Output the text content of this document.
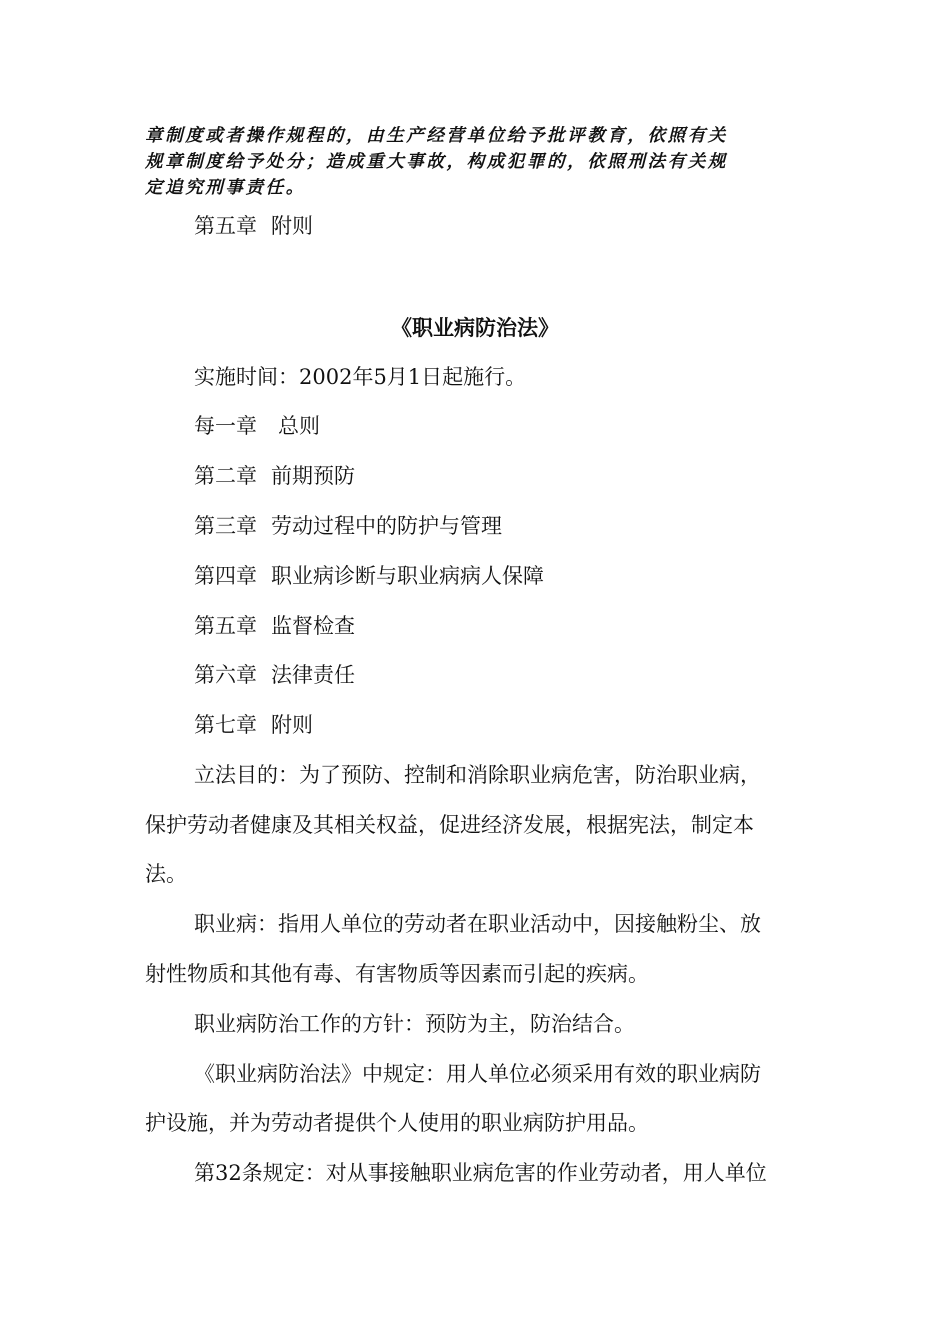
章制度或者操作规程的，由生产经营单位给予批评教育，依照有关
规章制度给予处分；造成重大事故，构成犯罪的，依照刑法有关规
定追究刑事责任。
第五章 附则
《职业病防治法》
实施时间：2002年5月1日起施行。
每一章 总则
第二章 前期预防
第三章 劳动过程中的防护与管理
第四章 职业病诊断与职业病病人保障
第五章 监督检查
第六章 法律责任
第七章 附则
立法目的：为了预防、控制和消除职业病危害，防治职业病，
保护劳动者健康及其相关权益，促进经济发展，根据宪法，制定本
法。
职业病：指用人单位的劳动者在职业活动中，因接触粉尘、放
射性物质和其他有毒、有害物质等因素而引起的疾病。
职业病防治工作的方针：预防为主，防治结合。
《职业病防治法》中规定：用人单位必须采用有效的职业病防
护设施，并为劳动者提供个人使用的职业病防护用品。
第32条规定：对从事接触职业病危害的作业劳动者，用人单位
